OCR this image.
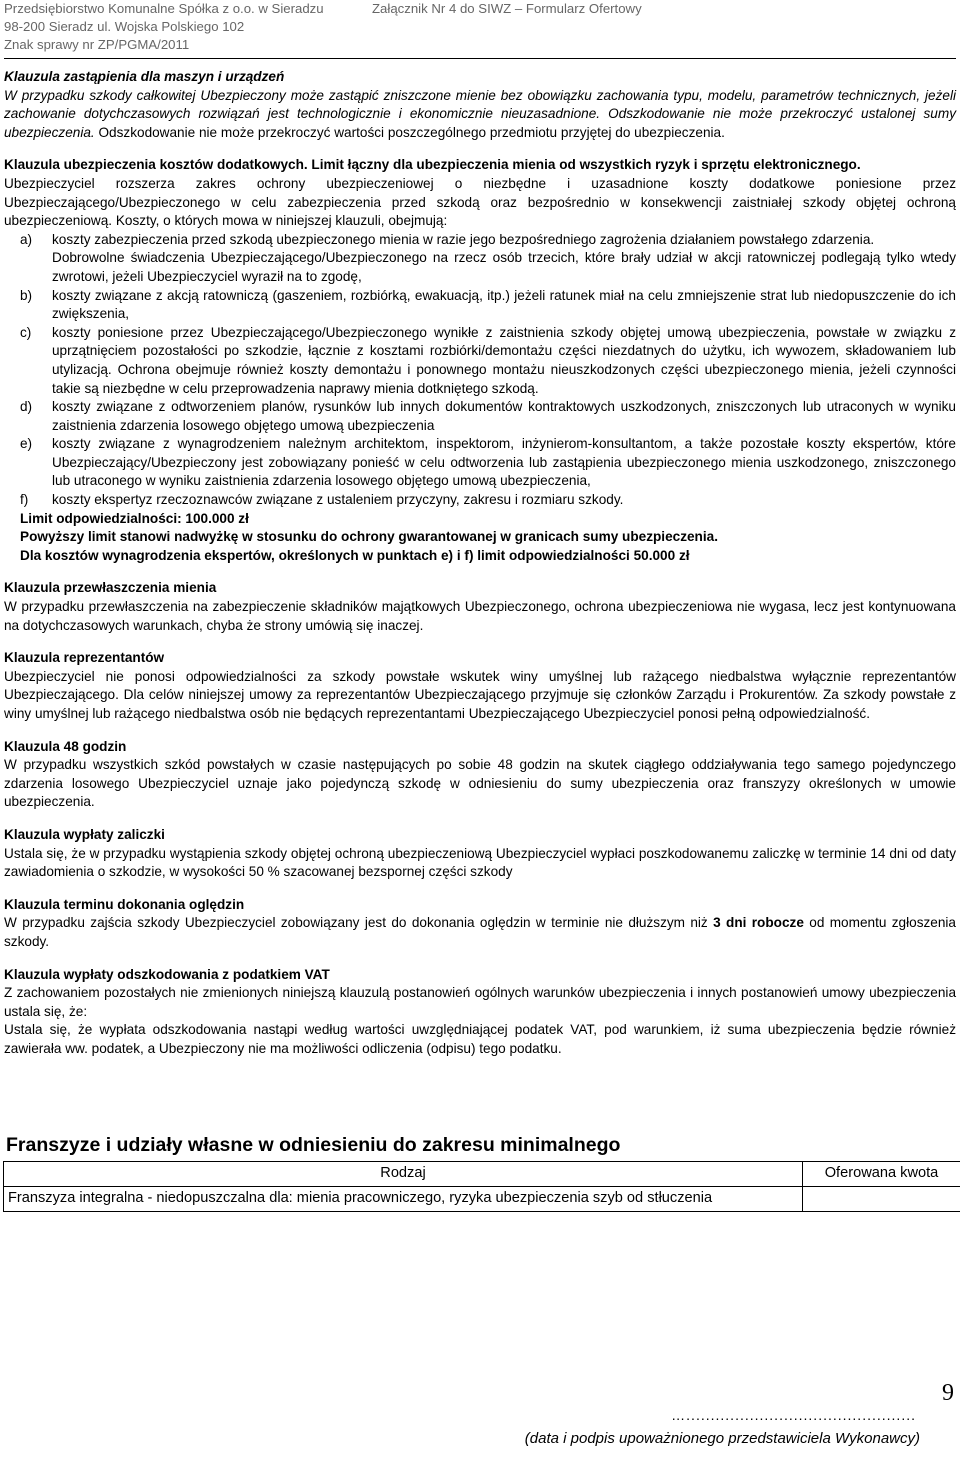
Przedsiębiorstwo Komunalne Spółka z o.o. w Sieradzu
98-200 Sieradz ul. Wojska Polskiego 102
Znak sprawy nr ZP/PGMA/2011
Załącznik Nr 4 do SIWZ – Formularz Ofertowy

Klauzula zastąpienia dla maszyn i urządzeń

W przypadku szkody całkowitej Ubezpieczony może zastąpić zniszczone mienie bez obowiązku zachowania typu, modelu, parametrów technicznych, jeżeli zachowanie dotychczasowych rozwiązań jest technologicznie i ekonomicznie nieuzasadnione. Odszkodowanie nie może przekroczyć ustalonej sumy ubezpieczenia. Odszkodowanie nie może przekroczyć wartości poszczególnego przedmiotu przyjętej do ubezpieczenia.

Klauzula ubezpieczenia kosztów dodatkowych. Limit łączny dla ubezpieczenia mienia od wszystkich ryzyk i sprzętu elektronicznego.

Ubezpieczyciel rozszerza zakres ochrony ubezpieczeniowej o niezbędne i uzasadnione koszty dodatkowe poniesione przez Ubezpieczającego/Ubezpieczonego w celu zabezpieczenia przed szkodą oraz bezpośrednio w konsekwencji zaistniałej szkody objętej ochroną ubezpieczeniową. Koszty, o których mowa w niniejszej klauzuli, obejmują:

a) koszty zabezpieczenia przed szkodą ubezpieczonego mienia w razie jego bezpośredniego zagrożenia działaniem powstałego zdarzenia.
Dobrowolne świadczenia Ubezpieczającego/Ubezpieczonego na rzecz osób trzecich, które brały udział w akcji ratowniczej podlegają tylko wtedy zwrotowi, jeżeli Ubezpieczyciel wyraził na to zgodę,
b) koszty związane z akcją ratowniczą (gaszeniem, rozbiórką, ewakuacją, itp.) jeżeli ratunek miał na celu zmniejszenie strat lub niedopuszczenie do ich zwiększenia,
c) koszty poniesione przez Ubezpieczającego/Ubezpieczonego wynikłe z zaistnienia szkody objętej umową ubezpieczenia, powstałe w związku z uprzątnięciem pozostałości po szkodzie, łącznie z kosztami rozbiórki/demontażu części niezdatnych do użytku, ich wywozem, składowaniem lub utylizacją. Ochrona obejmuje również koszty demontażu i ponownego montażu nieuszkodzonych części ubezpieczonego mienia, jeżeli czynności takie są niezbędne w celu przeprowadzenia naprawy mienia dotkniętego szkodą.
d) koszty związane z odtworzeniem planów, rysunków lub innych dokumentów kontraktowych uszkodzonych, zniszczonych lub utraconych w wyniku zaistnienia zdarzenia losowego objętego umową ubezpieczenia
e) koszty związane z wynagrodzeniem należnym architektom, inspektorom, inżynierom-konsultantom, a także pozostałe koszty ekspertów, które Ubezpieczający/Ubezpieczony jest zobowiązany ponieść w celu odtworzenia lub zastąpienia ubezpieczonego mienia uszkodzonego, zniszczonego lub utraconego w wyniku zaistnienia zdarzenia losowego objętego umową ubezpieczenia,
f) koszty ekspertyz rzeczoznawców związane z ustaleniem przyczyny, zakresu i rozmiaru szkody.

Limit odpowiedzialności: 100.000 zł

Powyższy limit stanowi nadwyżkę w stosunku do ochrony gwarantowanej w granicach sumy ubezpieczenia.

Dla kosztów wynagrodzenia ekspertów, określonych w punktach e) i f) limit odpowiedzialności 50.000 zł

Klauzula przewłaszczenia mienia

W przypadku przewłaszczenia na zabezpieczenie składników majątkowych Ubezpieczonego, ochrona ubezpieczeniowa nie wygasa, lecz jest kontynuowana na dotychczasowych warunkach, chyba że strony umówią się inaczej.

Klauzula reprezentantów

Ubezpieczyciel nie ponosi odpowiedzialności za szkody powstałe wskutek winy umyślnej lub rażącego niedbalstwa wyłącznie reprezentantów Ubezpieczającego. Dla celów niniejszej umowy za reprezentantów Ubezpieczającego przyjmuje się członków Zarządu i Prokurentów. Za szkody powstałe z winy umyślnej lub rażącego niedbalstwa osób nie będących reprezentantami Ubezpieczającego Ubezpieczyciel ponosi pełną odpowiedzialność.

Klauzula 48 godzin

W przypadku wszystkich szkód powstałych w czasie następujących po sobie 48 godzin na skutek ciągłego oddziaływania tego samego pojedynczego zdarzenia losowego Ubezpieczyciel uznaje jako pojedynczą szkodę w odniesieniu do sumy ubezpieczenia oraz franszyzy określonych w umowie ubezpieczenia.

Klauzula wypłaty zaliczki

Ustala się, że w przypadku wystąpienia szkody objętej ochroną ubezpieczeniową Ubezpieczyciel wypłaci poszkodowanemu zaliczkę w terminie 14 dni od daty zawiadomienia o szkodzie, w wysokości 50 % szacowanej bezspornej części szkody

Klauzula terminu dokonania oględzin

W przypadku zajścia szkody Ubezpieczyciel zobowiązany jest do dokonania oględzin w terminie nie dłuższym niż 3 dni robocze od momentu zgłoszenia szkody.

Klauzula wypłaty odszkodowania z podatkiem VAT

Z zachowaniem pozostałych nie zmienionych niniejszą klauzulą postanowień ogólnych warunków ubezpieczenia i innych postanowień umowy ubezpieczenia ustala się, że:

Ustala się, że wypłata odszkodowania nastąpi według wartości uwzględniającej podatek VAT, pod warunkiem, iż suma ubezpieczenia będzie również zawierała ww. podatek, a Ubezpieczony nie ma możliwości odliczenia (odpisu) tego podatku.

Franszyze i udziały własne w odniesieniu do zakresu minimalnego
Rodzaj	Oferowana kwota
Franszyza integralna - niedopuszczalna dla: mienia pracowniczego, ryzyka ubezpieczenia szyb od stłuczenia	
9
…...............................................
(data i podpis upoważnionego przedstawiciela Wykonawcy)
